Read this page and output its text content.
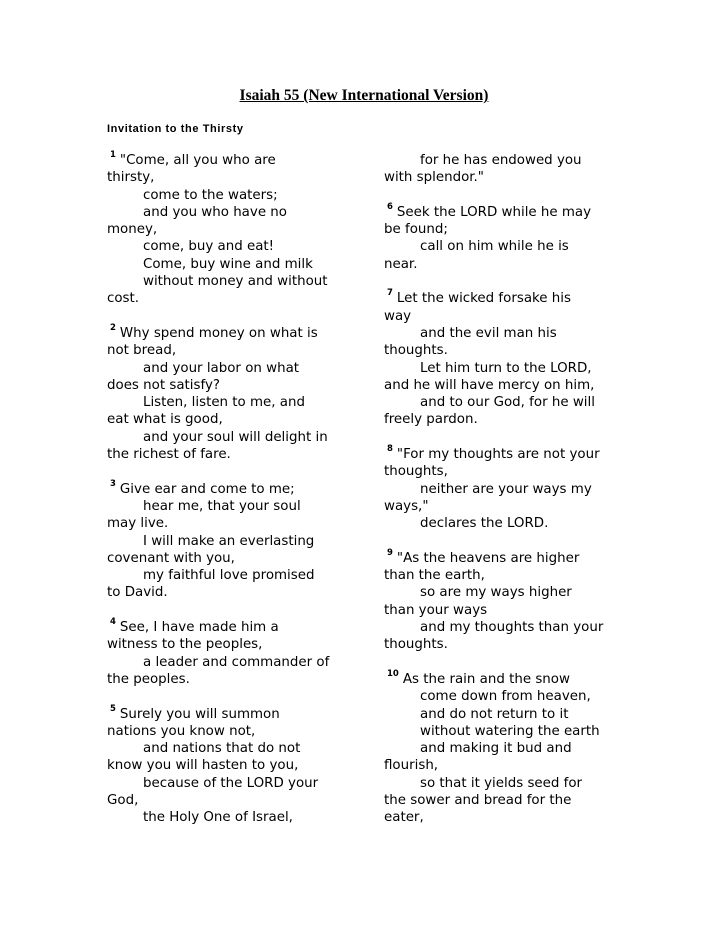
Isaiah 55 (New International Version)
Invitation to the Thirsty
$^1$ "Come, all you who are
thirsty,
come to the waters;
and you who have no
money,
come, buy and eat!
Come, buy wine and milk
without money and without
cost.
$^2$ Why spend money on what is
not bread,
and your labor on what
does not satisfy?
Listen, listen to me, and
eat what is good,
and your soul will delight in
the richest of fare.
$^3$ Give ear and come to me;
hear me, that your soul
may live.
I will make an everlasting
covenant with you,
my faithful love promised
to David.
$^4$ See, I have made him a
witness to the peoples,
a leader and commander of
the peoples.
$^5$ Surely you will summon
nations you know not,
and nations that do not
know you will hasten to you,
because of the LORD your
God,
the Holy One of Israel,
for he has endowed you
with splendor."
$^6$ Seek the LORD while he may
be found;
call on him while he is
near.
$^7$ Let the wicked forsake his
way
and the evil man his
thoughts.
Let him turn to the LORD,
and he will have mercy on him,
and to our God, for he will
freely pardon.
$^8$ "For my thoughts are not your
thoughts,
neither are your ways my
ways,"
declares the LORD.
$^9$ "As the heavens are higher
than the earth,
so are my ways higher
than your ways
and my thoughts than your
thoughts.
$^{10}$ As the rain and the snow
come down from heaven,
and do not return to it
without watering the earth
and making it bud and
flourish,
so that it yields seed for
the sower and bread for the
eater,
